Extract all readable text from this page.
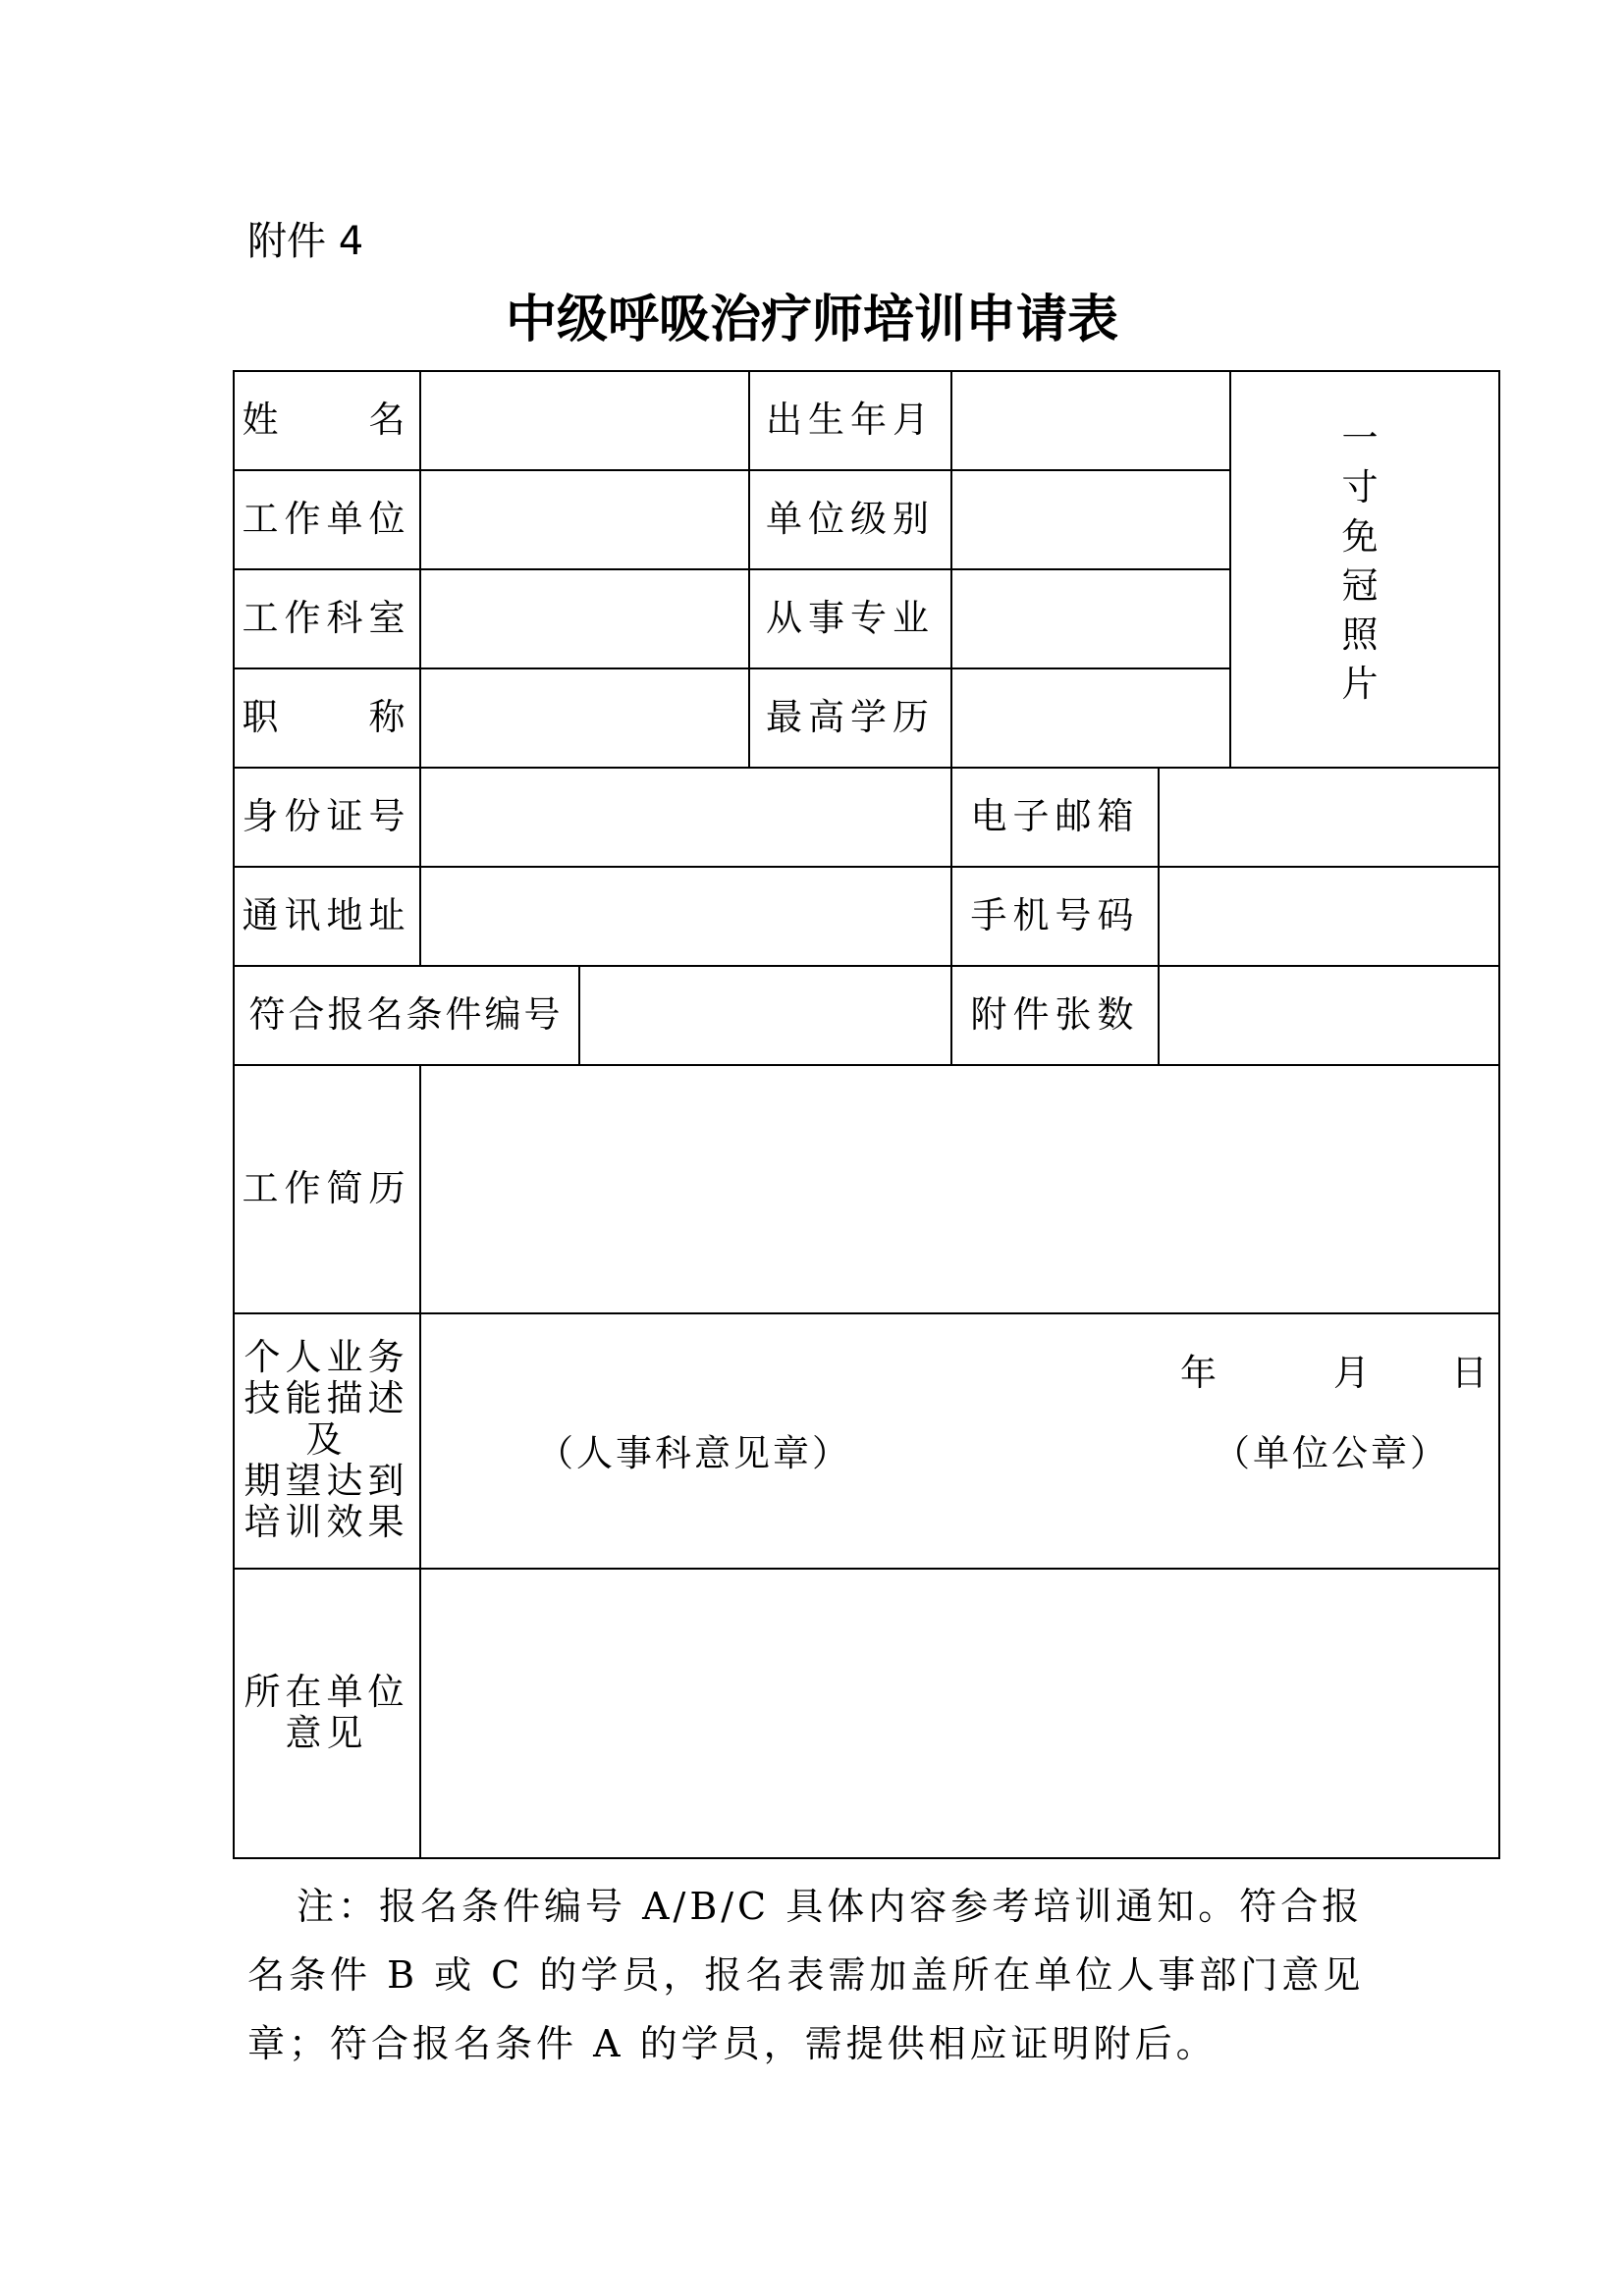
附件 4
中级呼吸治疗师培训申请表
姓　　名	出生年月
工作单位	单位级别
工作科室	从事专业
职　　称	最高学历
一
寸
免
冠
照
片
身份证号	电子邮箱
通讯地址	手机号码
符合报名条件编号	附件张数
工作简历
个人业务
技能描述
及
期望达到
培训效果
所在单位
意见
年	月 日
（人事科意见章）	（单位公章）

注：报名条件编号 A/B/C 具体内容参考培训通知。符合报

名条件 B 或 C 的学员，报名表需加盖所在单位人事部门意见

章；符合报名条件 A 的学员，需提供相应证明附后。
